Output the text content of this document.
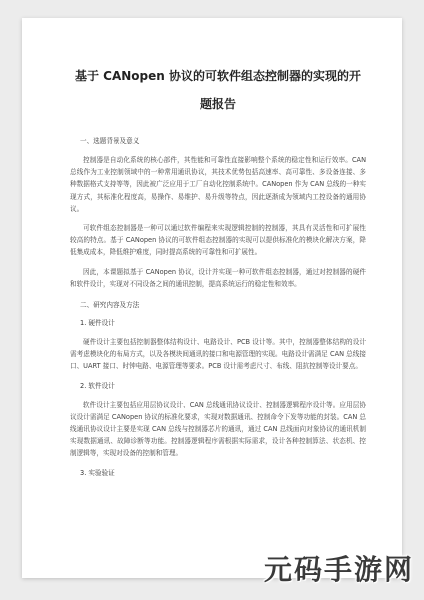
基于 CANopen 协议的可软件组态控制器的实现的开题报告
一、选题背景及意义

控制器是自动化系统的核心部件，其性能和可靠性直接影响整个系统的稳定性和运行效率。CAN 总线作为工业控制领域中的一种常用通讯协议，其技术优势包括高速率、高可靠性、多设备连接、多种数据格式支持等等，因此被广泛应用于工厂自动化控制系统中。CANopen 作为 CAN 总线的一种实现方式，其标准化程度高，易操作、易维护、易升级等特点，因此逐渐成为领域内工控设备的通用协议。

可软件组态控制器是一种可以通过软件编程来实现逻辑控制的控制器，其具有灵活性和可扩展性较高的特点。基于 CANopen 协议的可软件组态控制器的实现可以提供标准化的模块化解决方案，降低集成成本，降低维护难度，同时提高系统的可靠性和可扩展性。

因此，本课题拟基于 CANopen 协议，设计并实现一种可软件组态控制器，通过对控制器的硬件和软件设计，实现对不同设备之间的通讯控制，提高系统运行的稳定性和效率。

二、研究内容及方法
1. 硬件设计

硬件设计主要包括控制器整体结构设计、电路设计、PCB 设计等。其中，控制器整体结构的设计需考虑模块化的布局方式，以及各模块间通讯的接口和电源管理的实现。电路设计需满足 CAN 总线接口、UART 接口、时钟电路、电源管理等要求。PCB 设计需考虑尺寸、布线、阻抗控制等设计要点。

2. 软件设计

软件设计主要包括应用层协议设计、CAN 总线通讯协议设计、控制器逻辑程序设计等。应用层协议设计需满足 CANopen 协议的标准化要求，实现对数据通讯、控制命令下发等功能的封装。CAN 总线通讯协议设计主要是实现 CAN 总线与控制器芯片的通讯，通过 CAN 总线面向对象协议的通讯机制实现数据通讯、故障诊断等功能。控制器逻辑程序需根据实际需求，设计各种控制算法、状态机、控制逻辑等，实现对设备的控制和管理。

3. 实验验证
元码手游网
